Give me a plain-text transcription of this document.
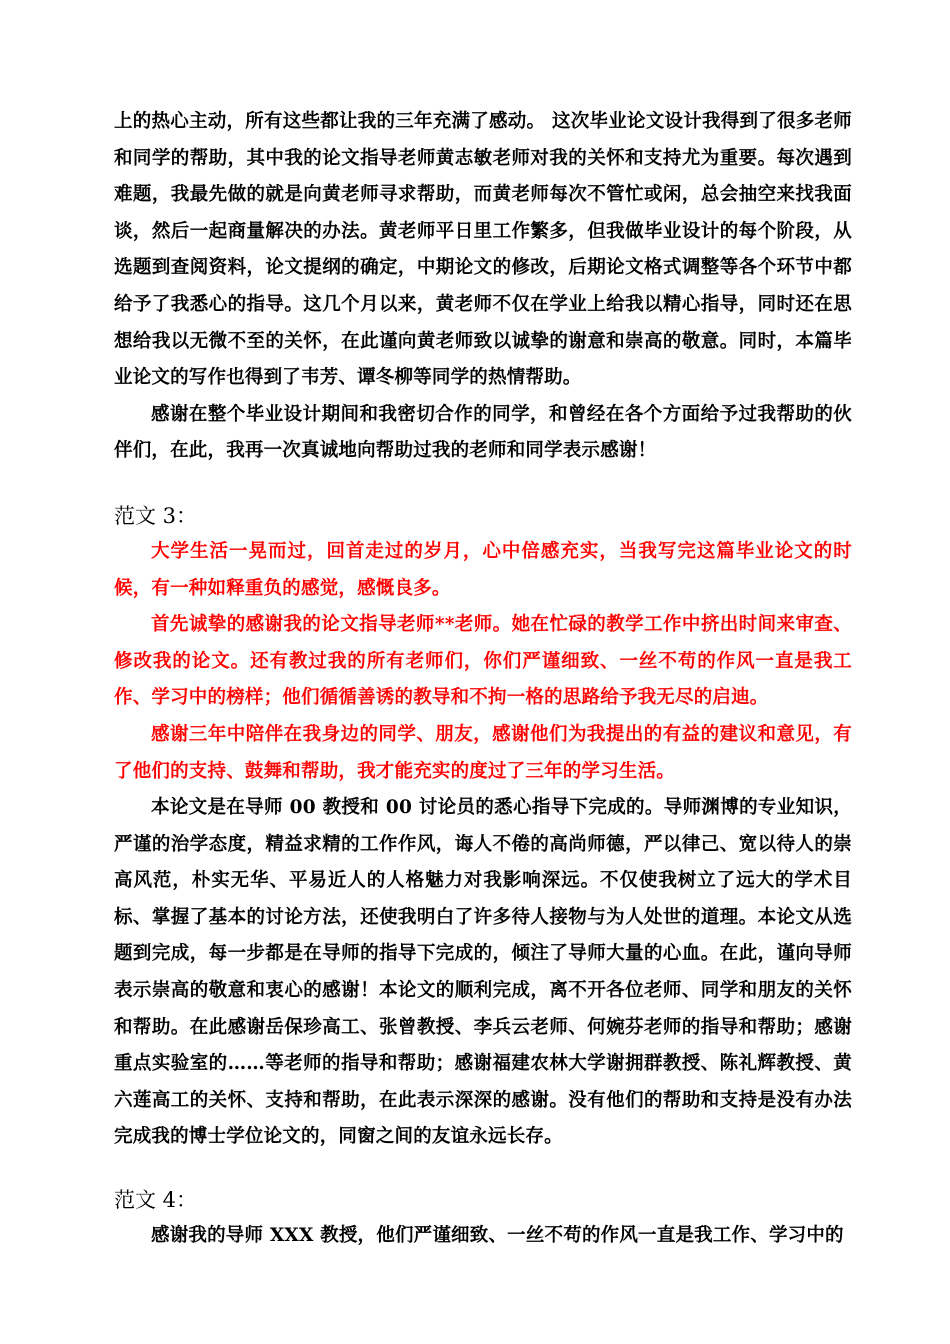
上的热心主动，所有这些都让我的三年充满了感动。 这次毕业论文设计我得到了很多老师和同学的帮助，其中我的论文指导老师黄志敏老师对我的关怀和支持尤为重要。每次遇到难题，我最先做的就是向黄老师寻求帮助，而黄老师每次不管忙或闲，总会抽空来找我面谈，然后一起商量解决的办法。黄老师平日里工作繁多，但我做毕业设计的每个阶段，从选题到查阅资料，论文提纲的确定，中期论文的修改，后期论文格式调整等各个环节中都给予了我悉心的指导。这几个月以来，黄老师不仅在学业上给我以精心指导，同时还在思想给我以无微不至的关怀，在此谨向黄老师致以诚挚的谢意和崇高的敬意。同时，本篇毕业论文的写作也得到了韦芳、谭冬柳等同学的热情帮助。

感谢在整个毕业设计期间和我密切合作的同学，和曾经在各个方面给予过我帮助的伙伴们，在此，我再一次真诚地向帮助过我的老师和同学表示感谢！

范文 3：

大学生活一晃而过，回首走过的岁月，心中倍感充实，当我写完这篇毕业论文的时候，有一种如释重负的感觉，感慨良多。

首先诚挚的感谢我的论文指导老师**老师。她在忙碌的教学工作中挤出时间来审查、修改我的论文。还有教过我的所有老师们，你们严谨细致、一丝不苟的作风一直是我工作、学习中的榜样；他们循循善诱的教导和不拘一格的思路给予我无尽的启迪。

感谢三年中陪伴在我身边的同学、朋友，感谢他们为我提出的有益的建议和意见，有了他们的支持、鼓舞和帮助，我才能充实的度过了三年的学习生活。

本论文是在导师 00 教授和 00 讨论员的悉心指导下完成的。导师渊博的专业知识，严谨的治学态度，精益求精的工作作风，诲人不倦的高尚师德，严以律己、宽以待人的崇高风范，朴实无华、平易近人的人格魅力对我影响深远。不仅使我树立了远大的学术目标、掌握了基本的讨论方法，还使我明白了许多待人接物与为人处世的道理。本论文从选题到完成，每一步都是在导师的指导下完成的，倾注了导师大量的心血。在此，谨向导师表示崇高的敬意和衷心的感谢！本论文的顺利完成，离不开各位老师、同学和朋友的关怀和帮助。在此感谢岳保珍高工、张曾教授、李兵云老师、何婉芬老师的指导和帮助；感谢重点实验室的……等老师的指导和帮助；感谢福建农林大学谢拥群教授、陈礼辉教授、黄六莲高工的关怀、支持和帮助，在此表示深深的感谢。没有他们的帮助和支持是没有办法完成我的博士学位论文的，同窗之间的友谊永远长存。

范文 4：

感谢我的导师 XXX 教授，他们严谨细致、一丝不苟的作风一直是我工作、学习中的
